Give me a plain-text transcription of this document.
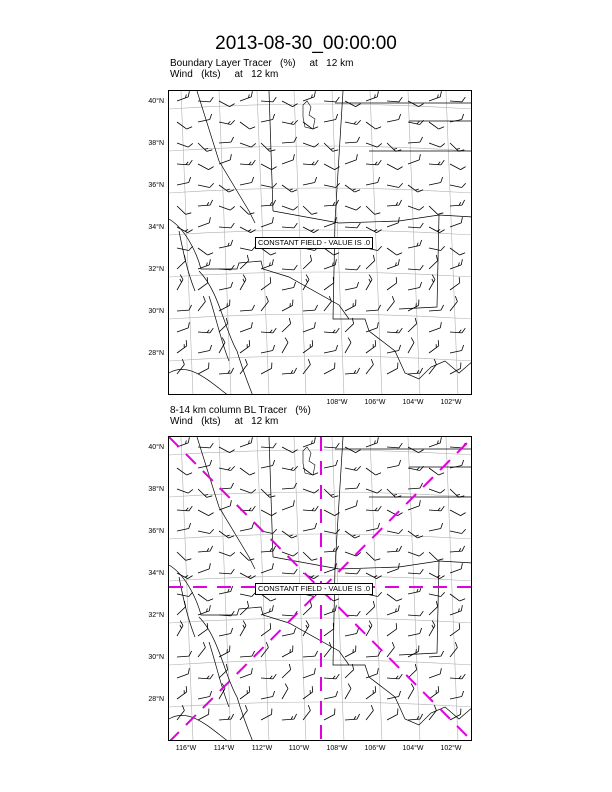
2013-08-30_00:00:00
Boundary Layer Tracer   (%)     at   12 km
Wind   (kts)     at   12 km
CONSTANT FIELD - VALUE IS .0
40°N
38°N
36°N
34°N
32°N
30°N
28°N
108°W	106°W	104°W	102°W
8-14 km column BL Tracer   (%)
Wind   (kts)     at   12 km
CONSTANT FIELD - VALUE IS .0
40°N
38°N
36°N
34°N
32°N
30°N
28°N
116°W	114°W	112°W	110°W	108°W	106°W	104°W	102°W
